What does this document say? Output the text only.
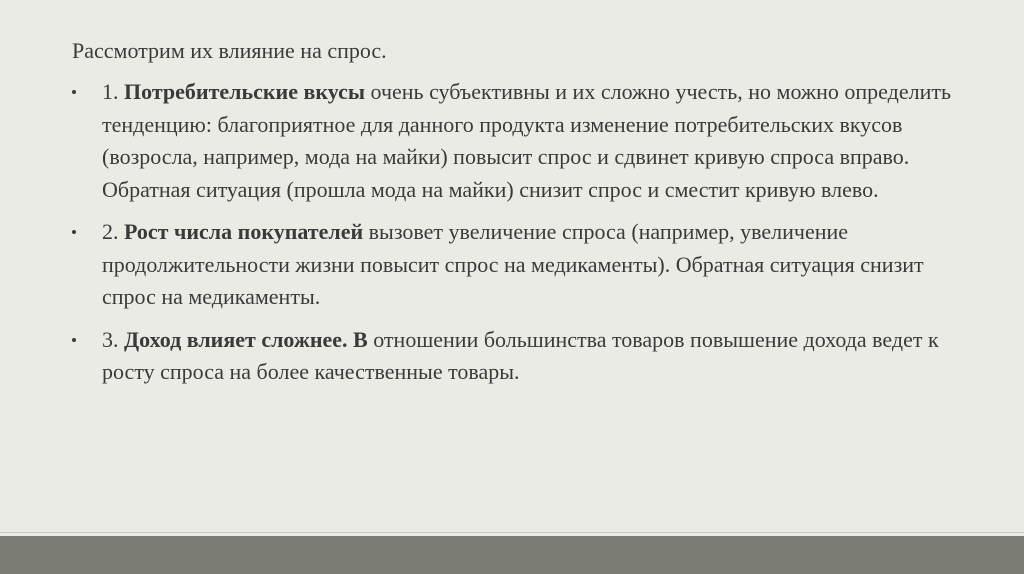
Рассмотрим их влияние на спрос.

1. Потребительские вкусы очень субъективны и их сложно учесть, но можно определить тенденцию: благоприятное для данного продукта изменение потребительских вкусов (возросла, например, мода на майки) повысит спрос и сдвинет кривую спроса вправо. Обратная ситуация (прошла мода на майки) снизит спрос и сместит кривую влево.
2. Рост числа покупателей вызовет увеличение спроса (например, увеличение продолжительности жизни повысит спрос на медикаменты). Обратная ситуация снизит спрос на медикаменты.
3. Доход влияет сложнее. В отношении большинства товаров повышение дохода ведет к росту спроса на более качественные товары.
